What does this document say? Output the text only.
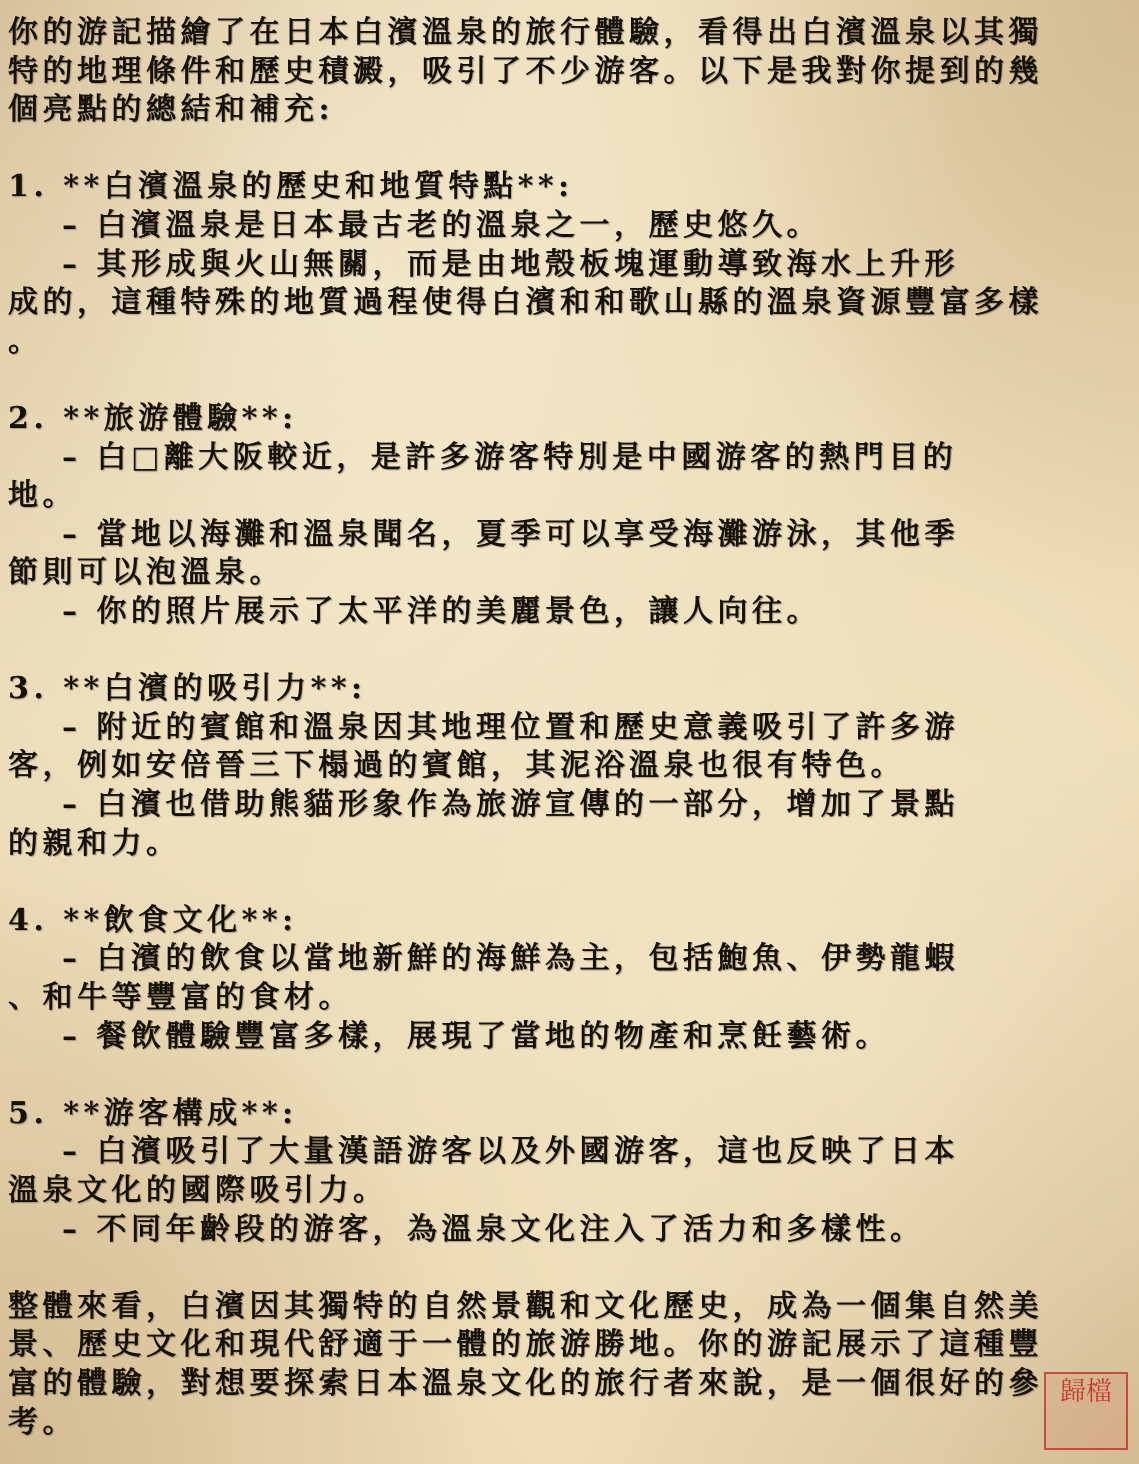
你的游記描繪了在日本白濱溫泉的旅行體驗，看得出白濱溫泉以其獨
特的地理條件和歷史積澱，吸引了不少游客。以下是我對你提到的幾
個亮點的總結和補充:
1. **白濱溫泉的歷史和地質特點**:
– 白濱溫泉是日本最古老的溫泉之一，歷史悠久。
– 其形成與火山無關，而是由地殼板塊運動導致海水上升形
成的，這種特殊的地質過程使得白濱和和歌山縣的溫泉資源豐富多樣
。
2. **旅游體驗**:
– 白□離大阪較近，是許多游客特別是中國游客的熱門目的
地。
– 當地以海灘和溫泉聞名，夏季可以享受海灘游泳，其他季
節則可以泡溫泉。
– 你的照片展示了太平洋的美麗景色，讓人向往。
3. **白濱的吸引力**:
– 附近的賓館和溫泉因其地理位置和歷史意義吸引了許多游
客，例如安倍晉三下榻過的賓館，其泥浴溫泉也很有特色。
– 白濱也借助熊貓形象作為旅游宣傳的一部分，增加了景點
的親和力。
4. **飲食文化**:
– 白濱的飲食以當地新鮮的海鮮為主，包括鮑魚、伊勢龍蝦
、和牛等豐富的食材。
– 餐飲體驗豐富多樣，展現了當地的物產和烹飪藝術。
5. **游客構成**:
– 白濱吸引了大量漢語游客以及外國游客，這也反映了日本
溫泉文化的國際吸引力。
– 不同年齡段的游客，為溫泉文化注入了活力和多樣性。
整體來看，白濱因其獨特的自然景觀和文化歷史，成為一個集自然美
景、歷史文化和現代舒適于一體的旅游勝地。你的游記展示了這種豐
富的體驗，對想要探索日本溫泉文化的旅行者來說，是一個很好的參
考。
歸檔
